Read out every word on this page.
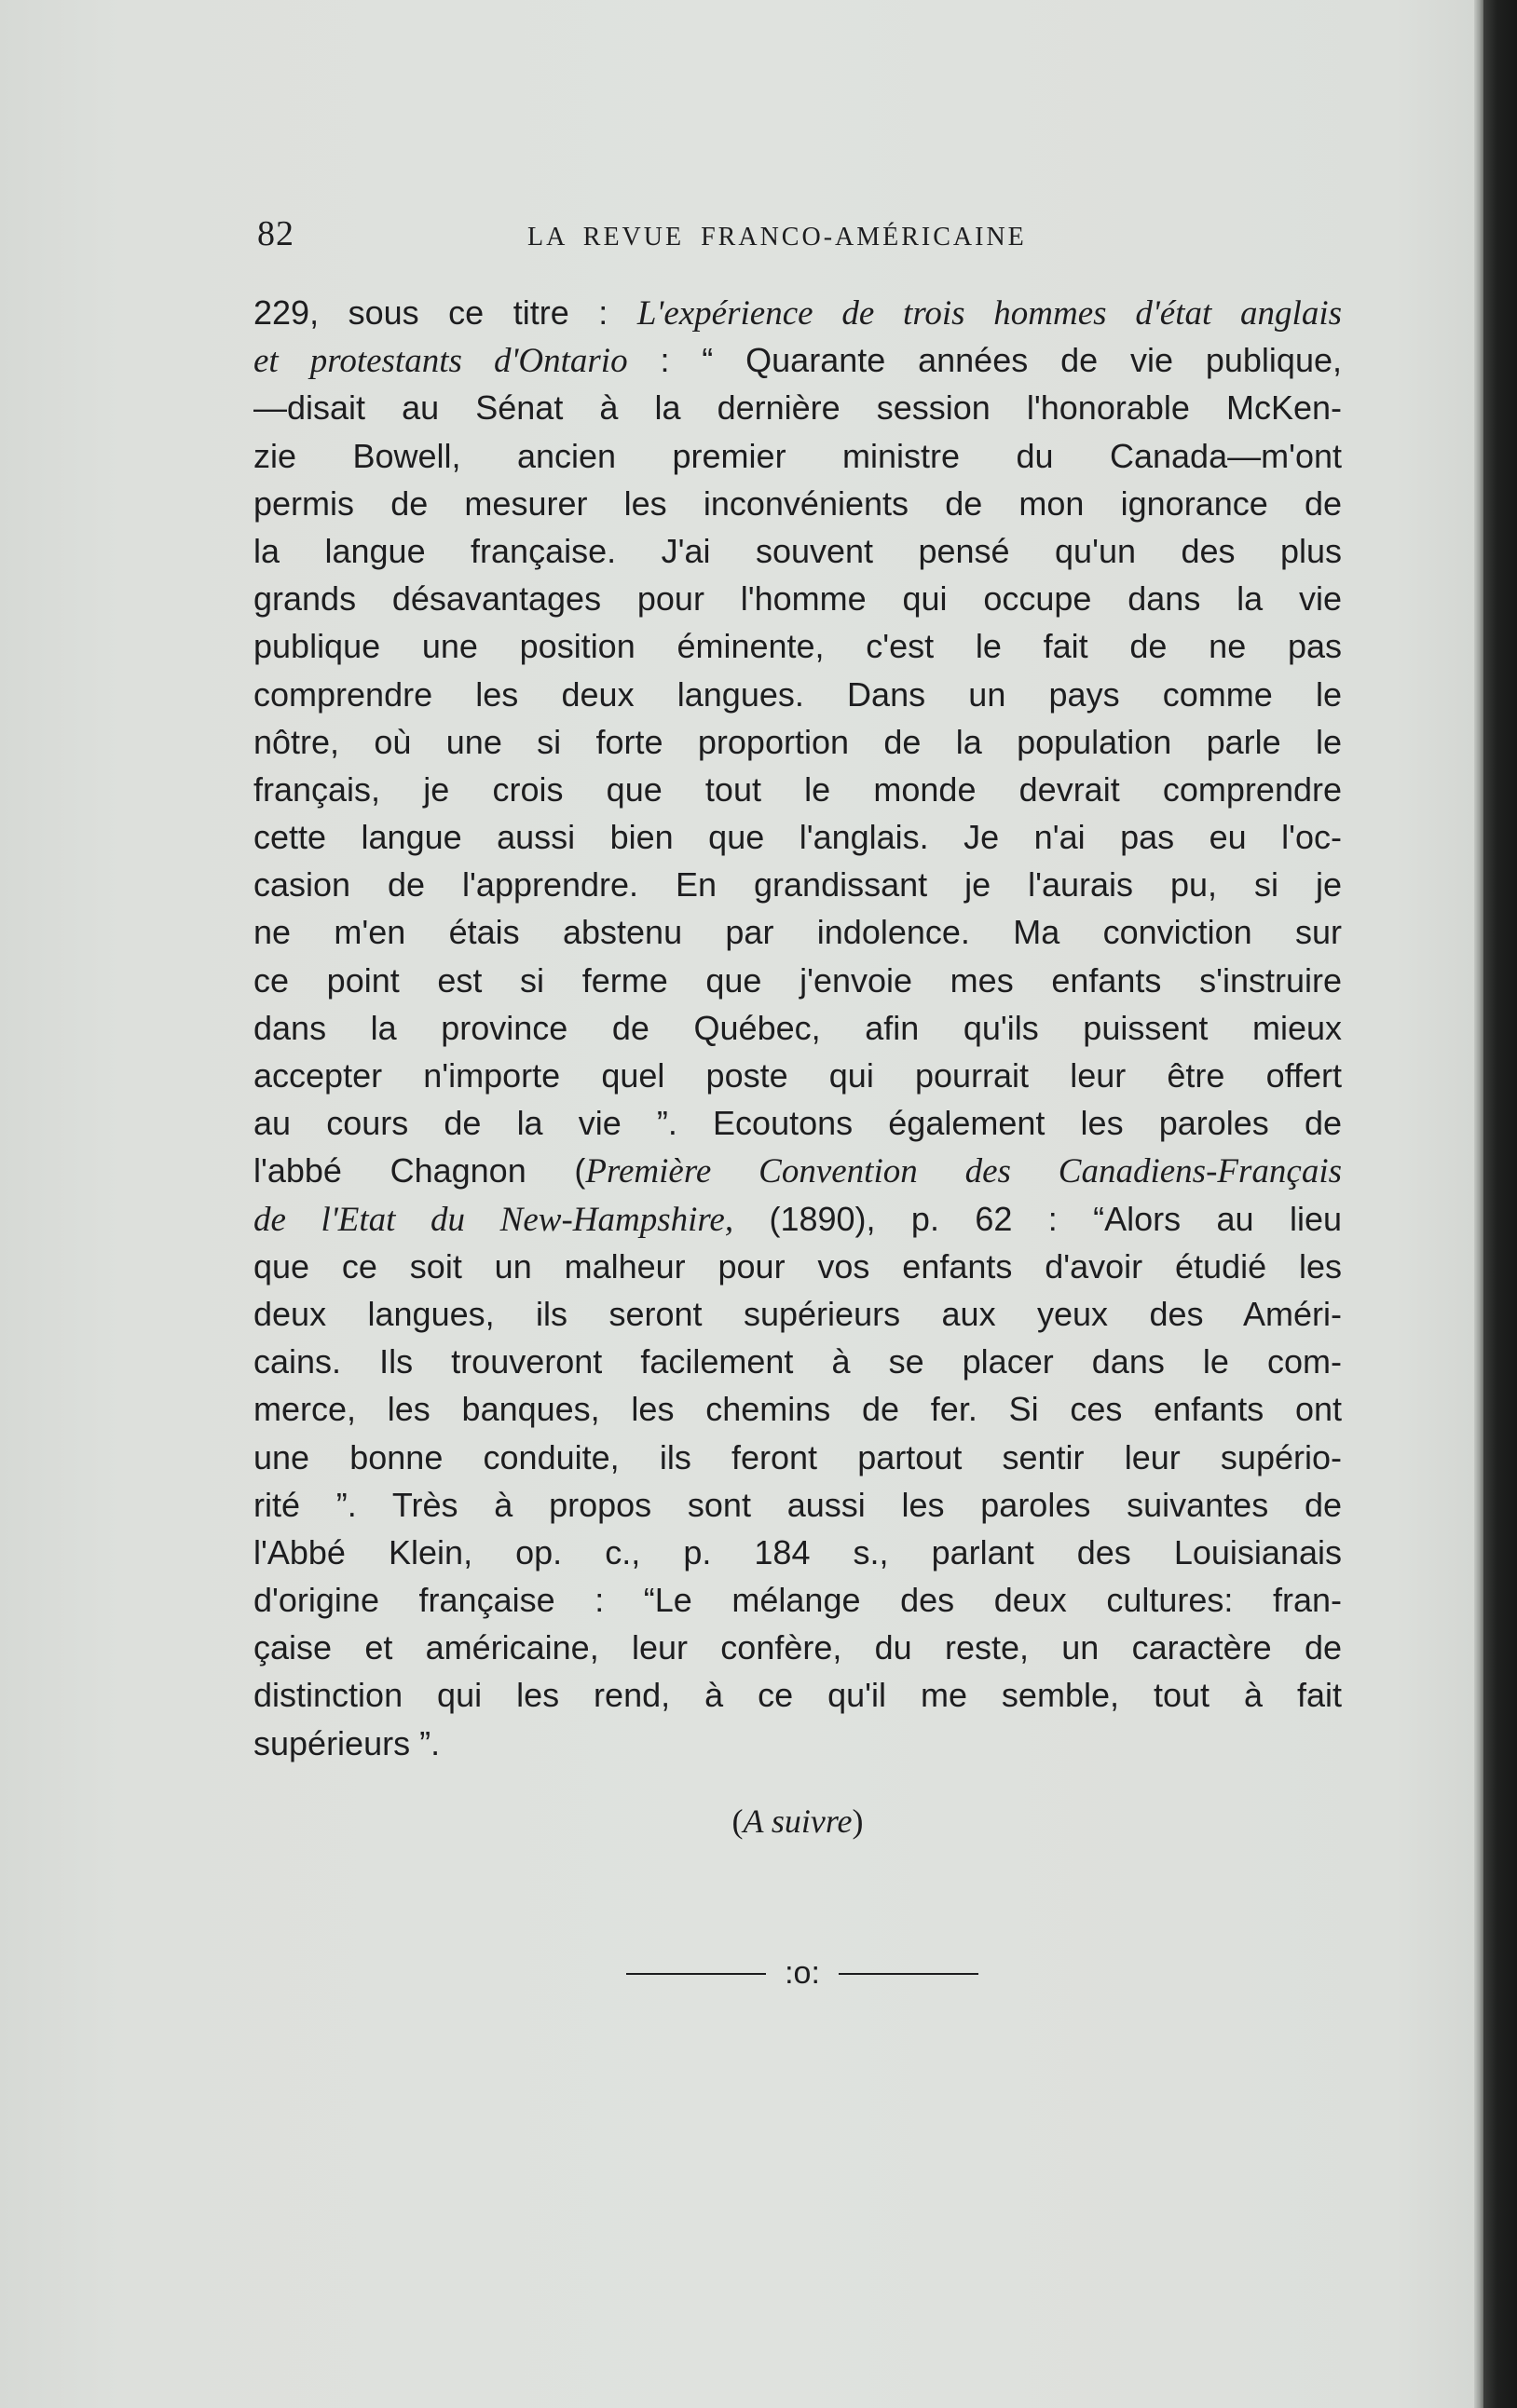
82	LA REVUE FRANCO-AMÉRICAINE
229, sous ce titre : L'expérience de trois hommes d'état anglais
et protestants d'Ontario : “ Quarante années de vie publique,
—disait au Sénat à la dernière session l'honorable McKen-
zie Bowell, ancien premier ministre du Canada—m'ont
permis de mesurer les inconvénients de mon ignorance de
la langue française. J'ai souvent pensé qu'un des plus
grands désavantages pour l'homme qui occupe dans la vie
publique une position éminente, c'est le fait de ne pas
comprendre les deux langues. Dans un pays comme le
nôtre, où une si forte proportion de la population parle le
français, je crois que tout le monde devrait comprendre
cette langue aussi bien que l'anglais. Je n'ai pas eu l'oc-
casion de l'apprendre. En grandissant je l'aurais pu, si je
ne m'en étais abstenu par indolence. Ma conviction sur
ce point est si ferme que j'envoie mes enfants s'instruire
dans la province de Québec, afin qu'ils puissent mieux
accepter n'importe quel poste qui pourrait leur être offert
au cours de la vie ”. Ecoutons également les paroles de
l'abbé Chagnon (Première Convention des Canadiens-Français
de l'Etat du New-Hampshire, (1890), p. 62 : “Alors au lieu
que ce soit un malheur pour vos enfants d'avoir étudié les
deux langues, ils seront supérieurs aux yeux des Améri-
cains. Ils trouveront facilement à se placer dans le com-
merce, les banques, les chemins de fer. Si ces enfants ont
une bonne conduite, ils feront partout sentir leur supério-
rité ”. Très à propos sont aussi les paroles suivantes de
l'Abbé Klein, op. c., p. 184 s., parlant des Louisianais
d'origine française : “Le mélange des deux cultures: fran-
çaise et américaine, leur confère, du reste, un caractère de
distinction qui les rend, à ce qu'il me semble, tout à fait
supérieurs ”.
(A suivre)
:o:
